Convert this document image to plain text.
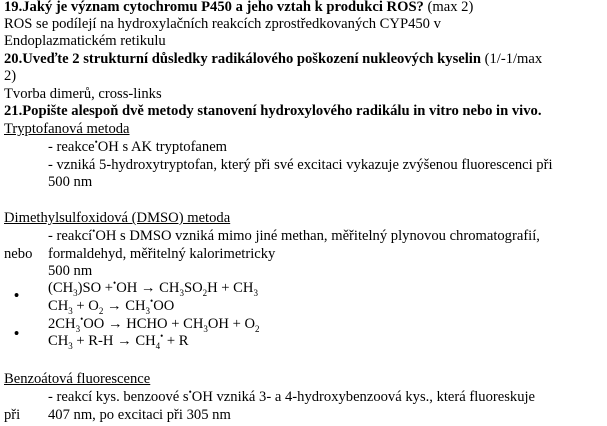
19.Jaký je význam cytochromu P450 a jeho vztah k produkci ROS? (max 2)
ROS se podílejí na hydroxylačních reakcích zprostředkovaných CYP450 v
Endoplazmatickém retikulu
20.Uveďte 2 strukturní důsledky radikálového poškození nukleových kyselin (1/-1/max
2)
Tvorba dimerů, cross-links
21.Popište alespoň dvě metody stanovení hydroxylového radikálu in vitro nebo in vivo.
Tryptofanová metoda
- reakce•OH s AK tryptofanem
- vzniká 5-hydroxytryptofan, který při své excitaci vykazuje zvýšenou fluorescenci při
500 nm
Dimethylsulfoxidová (DMSO) metoda
- reakcí•OH s DMSO vzniká mimo jiné methan, měřitelný plynovou chromatografií,
nebo formaldehyd, měřitelný kalorimetricky
500 nm
•
•
$(CH_3)SO +^•OH \to CH_3SO_2H + CH_3$
$CH_3 + O_2 \to CH_3^•OO$
$2CH_3^•OO$ → HCHO + $CH_3OH + O_2$
$CH_3 + R-H \to CH_4^• + R$
Benzoátová fluorescence
- reakcí kys. benzoové s•OH vzniká 3- a 4-hydroxybenzoová kys., která fluoreskuje
při 407 nm, po excitaci při 305 nm
